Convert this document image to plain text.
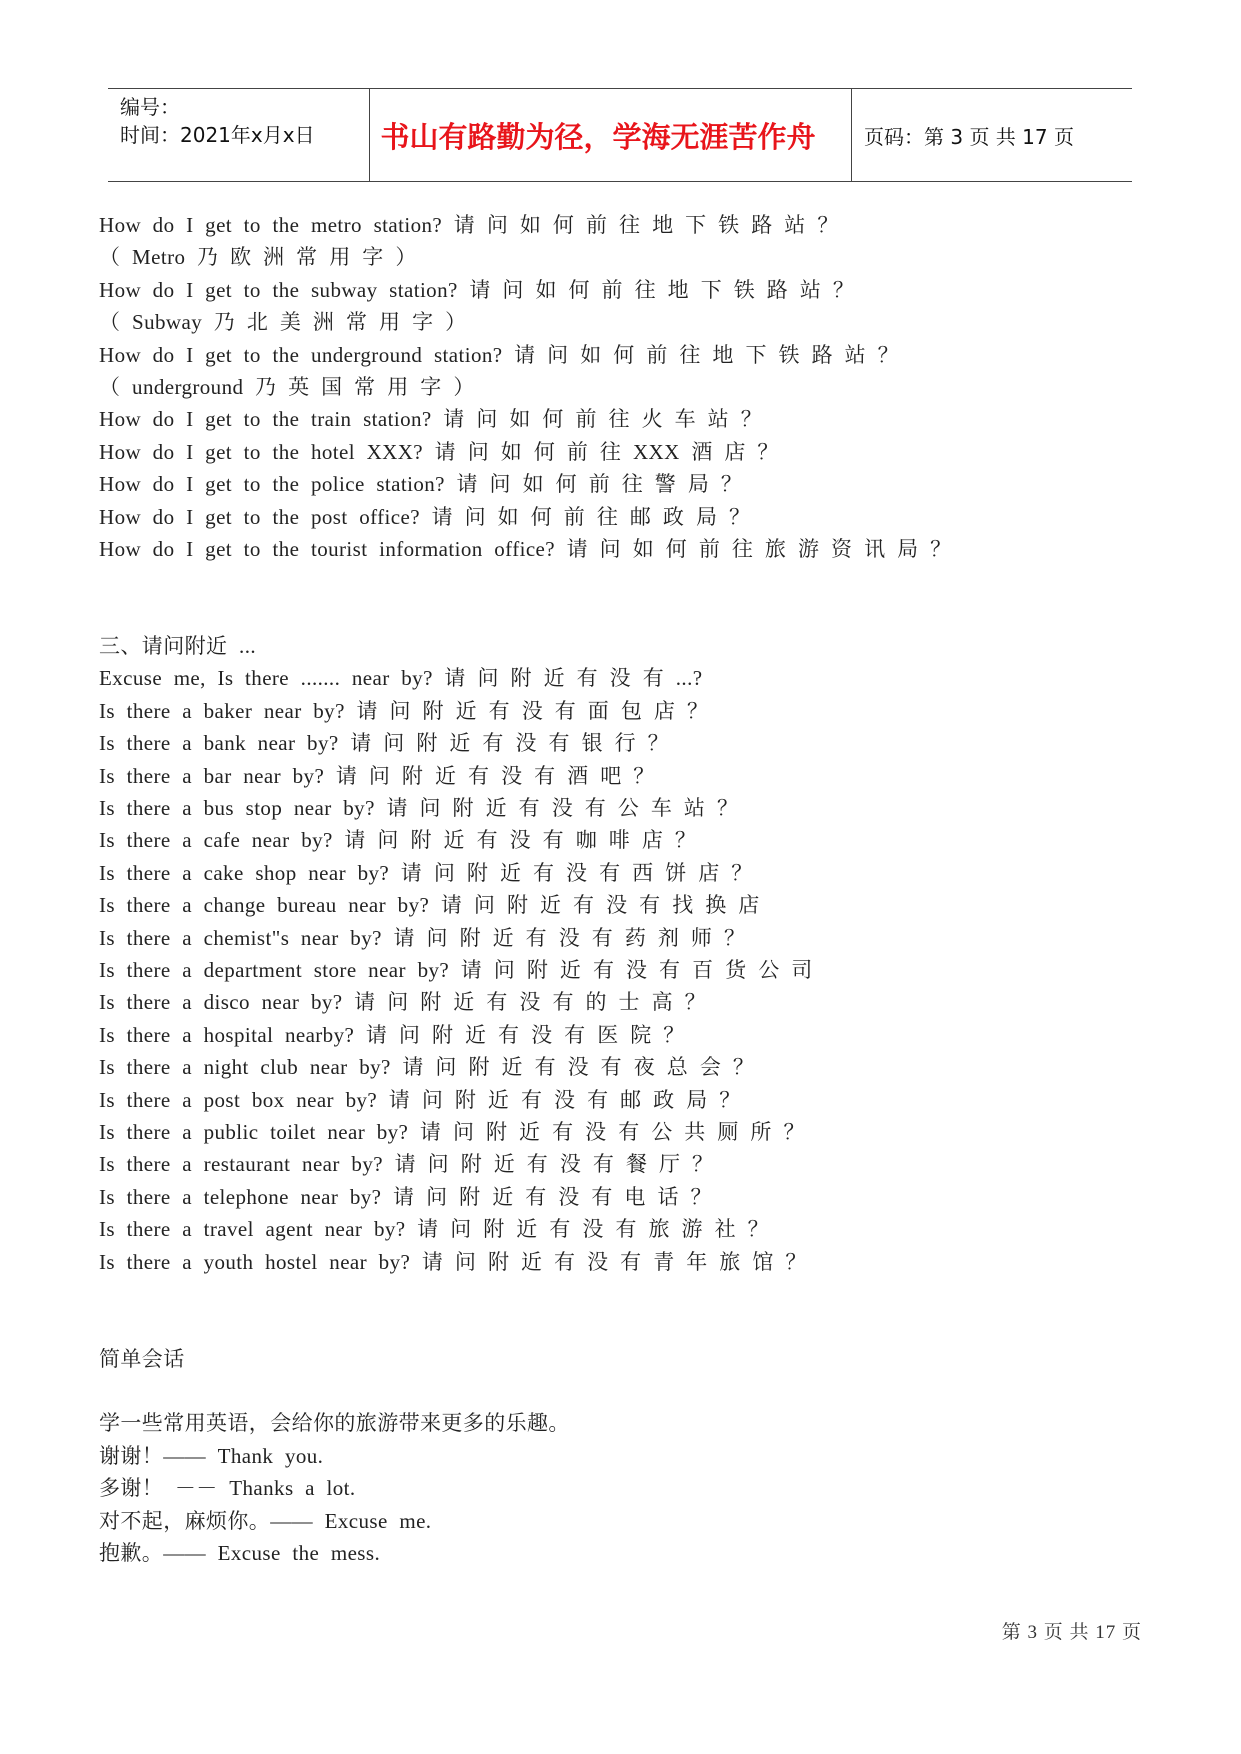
编号：
时间：2021年x月x日	书山有路勤为径，学海无涯苦作舟	页码：第 3 页 共 17 页
How do I get to the metro station? 请 问 如 何 前 往 地 下 铁 路 站 ？
（ Metro 乃 欧 洲 常 用 字 ）
How do I get to the subway station? 请 问 如 何 前 往 地 下 铁 路 站 ？
（ Subway 乃 北 美 洲 常 用 字 ）
How do I get to the underground station? 请 问 如 何 前 往 地 下 铁 路 站 ？
（ underground 乃 英 国 常 用 字 ）
How do I get to the train station? 请 问 如 何 前 往 火 车 站 ？
How do I get to the hotel XXX? 请 问 如 何 前 往 XXX 酒 店 ？
How do I get to the police station? 请 问 如 何 前 往 警 局 ？
How do I get to the post office? 请 问 如 何 前 往 邮 政 局 ？
How do I get to the tourist information office? 请 问 如 何 前 往 旅 游 资 讯 局 ？
三、请问附近 ...
Excuse me, Is there ....... near by? 请 问 附 近 有 没 有 ...?
Is there a baker near by? 请 问 附 近 有 没 有 面 包 店 ？
Is there a bank near by? 请 问 附 近 有 没 有 银 行 ？
Is there a bar near by? 请 问 附 近 有 没 有 酒 吧 ？
Is there a bus stop near by? 请 问 附 近 有 没 有 公 车 站 ？
Is there a cafe near by? 请 问 附 近 有 没 有 咖 啡 店 ？
Is there a cake shop near by? 请 问 附 近 有 没 有 西 饼 店 ？
Is there a change bureau near by? 请 问 附 近 有 没 有 找 换 店
Is there a chemist"s near by? 请 问 附 近 有 没 有 药 剂 师 ？
Is there a department store near by? 请 问 附 近 有 没 有 百 货 公 司
Is there a disco near by? 请 问 附 近 有 没 有 的 士 高 ？
Is there a hospital nearby? 请 问 附 近 有 没 有 医 院 ？
Is there a night club near by? 请 问 附 近 有 没 有 夜 总 会 ？
Is there a post box near by? 请 问 附 近 有 没 有 邮 政 局 ？
Is there a public toilet near by? 请 问 附 近 有 没 有 公 共 厕 所 ？
Is there a restaurant near by? 请 问 附 近 有 没 有 餐 厅 ？
Is there a telephone near by? 请 问 附 近 有 没 有 电 话 ？
Is there a travel agent near by? 请 问 附 近 有 没 有 旅 游 社 ？
Is there a youth hostel near by? 请 问 附 近 有 没 有 青 年 旅 馆 ？
简单会话
学一些常用英语，会给你的旅游带来更多的乐趣。
谢谢！—— Thank you.
多谢！ －－ Thanks a lot.
对不起，麻烦你。—— Excuse me.
抱歉。—— Excuse the mess.
第 3 页 共 17 页
